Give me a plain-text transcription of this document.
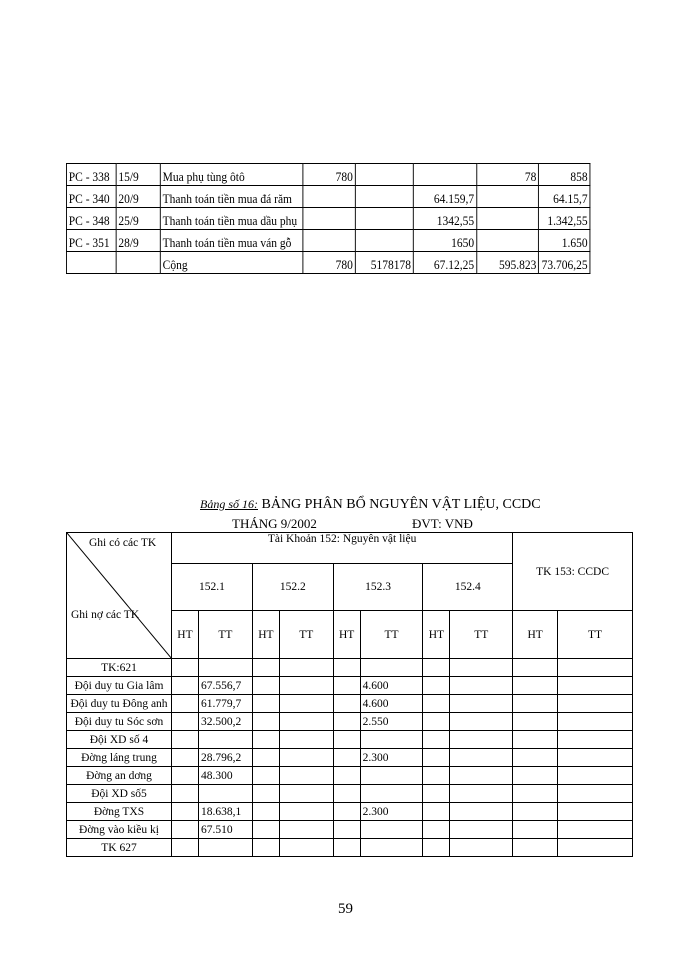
PC - 338	15/9	Mua phụ tùng ôtô	780			78	858
PC - 340	20/9	Thanh toán tiền mua đá răm			64.159,7		64.15,7
PC - 348	25/9	Thanh toán tiền mua dầu phụ			1342,55		1.342,55
PC - 351	28/9	Thanh toán tiền mua ván gỗ			1650		1.650
		Cộng	780	5178178	67.12,25	595.823	73.706,25
Bảng số 16: BẢNG PHÂN BỔ NGUYÊN VẬT LIỆU, CCDC
THÁNG 9/2002	ĐVT: VNĐ
Ghi có các TK
Ghi nợ các TK	Tài Khoản 152: Nguyên vật liệu								TK 153: CCDC	
	152.1		152.2		152.3		152.4			
	HT	TT	HT	TT	HT	TT	HT	TT	HT	TT
TK:621										
Đội duy tu Gia lâm		67.556,7				4.600				
Đội duy tu Đông anh		61.779,7				4.600				
Đội duy tu Sóc sơn		32.500,2				2.550				
Đội XD số 4										
Đờng láng trung		28.796,2				2.300				
Đờng an dơng		48.300								
Đội XD số5										
Đờng TXS		18.638,1				2.300				
Đờng vào kiều kị		67.510								
TK 627										
59
